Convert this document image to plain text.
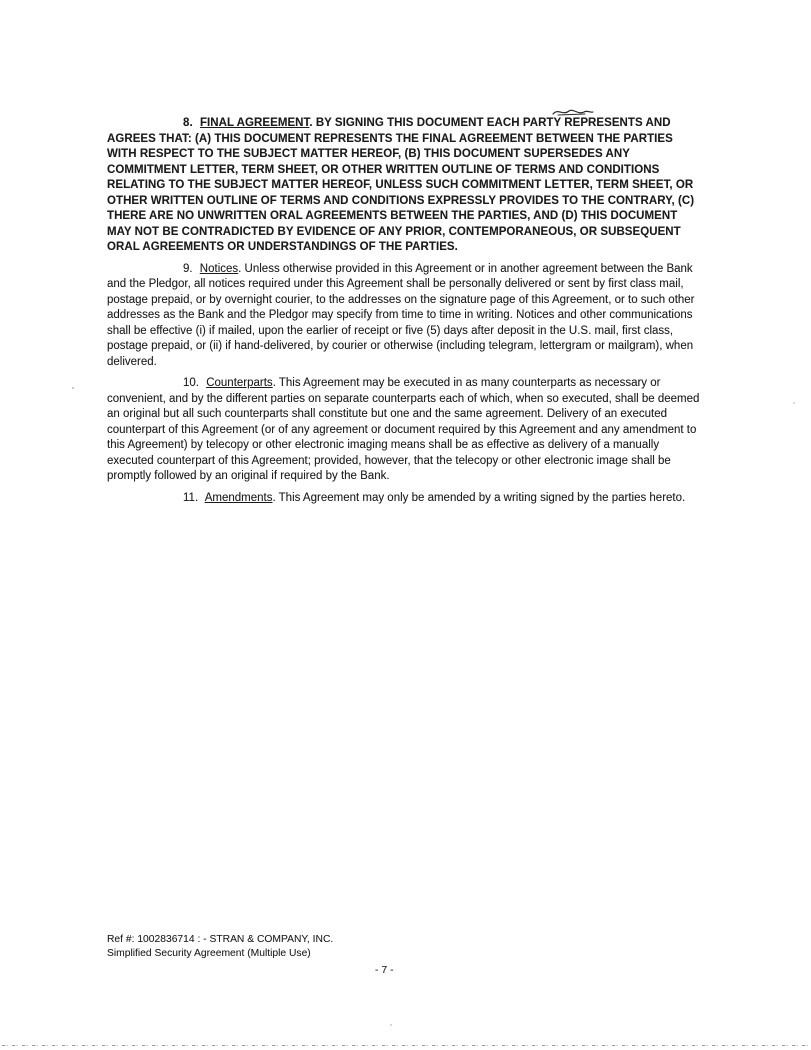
8. FINAL AGREEMENT. BY SIGNING THIS DOCUMENT EACH PARTY REPRESENTS AND AGREES THAT: (A) THIS DOCUMENT REPRESENTS THE FINAL AGREEMENT BETWEEN THE PARTIES WITH RESPECT TO THE SUBJECT MATTER HEREOF, (B) THIS DOCUMENT SUPERSEDES ANY COMMITMENT LETTER, TERM SHEET, OR OTHER WRITTEN OUTLINE OF TERMS AND CONDITIONS RELATING TO THE SUBJECT MATTER HEREOF, UNLESS SUCH COMMITMENT LETTER, TERM SHEET, OR OTHER WRITTEN OUTLINE OF TERMS AND CONDITIONS EXPRESSLY PROVIDES TO THE CONTRARY, (C) THERE ARE NO UNWRITTEN ORAL AGREEMENTS BETWEEN THE PARTIES, AND (D) THIS DOCUMENT MAY NOT BE CONTRADICTED BY EVIDENCE OF ANY PRIOR, CONTEMPORANEOUS, OR SUBSEQUENT ORAL AGREEMENTS OR UNDERSTANDINGS OF THE PARTIES.

9. Notices. Unless otherwise provided in this Agreement or in another agreement between the Bank and the Pledgor, all notices required under this Agreement shall be personally delivered or sent by first class mail, postage prepaid, or by overnight courier, to the addresses on the signature page of this Agreement, or to such other addresses as the Bank and the Pledgor may specify from time to time in writing. Notices and other communications shall be effective (i) if mailed, upon the earlier of receipt or five (5) days after deposit in the U.S. mail, first class, postage prepaid, or (ii) if hand-delivered, by courier or otherwise (including telegram, lettergram or mailgram), when delivered.

10. Counterparts. This Agreement may be executed in as many counterparts as necessary or convenient, and by the different parties on separate counterparts each of which, when so executed, shall be deemed an original but all such counterparts shall constitute but one and the same agreement. Delivery of an executed counterpart of this Agreement (or of any agreement or document required by this Agreement and any amendment to this Agreement) by telecopy or other electronic imaging means shall be as effective as delivery of a manually executed counterpart of this Agreement; provided, however, that the telecopy or other electronic image shall be promptly followed by an original if required by the Bank.

11. Amendments. This Agreement may only be amended by a writing signed by the parties hereto.

Ref #: 1002836714 : - STRAN & COMPANY, INC.
Simplified Security Agreement (Multiple Use)
- 7 -
